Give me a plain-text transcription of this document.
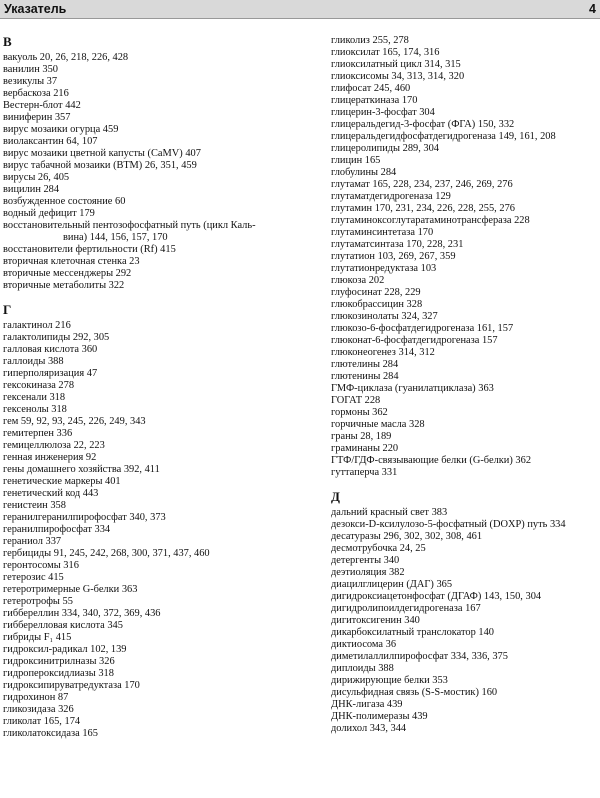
Указатель	4
В
вакуоль 20, 26, 218, 226, 428
ванилин 350
везикулы 37
вербаскоза 216
Вестерн-блот 442
виниферин 357
вирус мозаики огурца 459
виолаксантин 64, 107
вирус мозаики цветной капусты (CaMV) 407
вирус табачной мозаики (ВТМ) 26, 351, 459
вирусы 26, 405
вицилин 284
возбужденное состояние 60
водный дефицит 179
восстановительный пентозофосфатный путь (цикл Каль-
вина) 144, 156, 157, 170
восстановители фертильности (Rf) 415
вторичная клеточная стенка 23
вторичные мессенджеры 292
вторичные метаболиты 322
Г
галактинол 216
галактолипиды 292, 305
галловая кислота 360
галлоиды 388
гиперполяризация 47
гексокиназа 278
гексенали 318
гексенолы 318
гем 59, 92, 93, 245, 226, 249, 343
гемитерпен 336
гемицеллюлоза 22, 223
генная инженерия 92
гены домашнего хозяйства 392, 411
генетические маркеры 401
генетический код 443
генистеин 358
геранилгеранилпирофосфат 340, 373
геранилпирофосфат 334
гераниол 337
гербициды 91, 245, 242, 268, 300, 371, 437, 460
геронтосомы 316
гетерозис 415
гетеротримерные G-белки 363
гетеротрофы 55
гиббереллин 334, 340, 372, 369, 436
гибберелловая кислота 345
гибриды F₁ 415
гидроксил-радикал 102, 139
гидроксинитрилназы 326
гидропероксидлиазы 318
гидроксипируватредуктаза 170
гидрохинон 87
гликозидаза 326
гликолат 165, 174
гликолатоксидаза 165
гликолиз 255, 278
глиоксилат 165, 174, 316
глиоксилатный цикл 314, 315
глиоксисомы 34, 313, 314, 320
глифосат 245, 460
глицераткиназа 170
глицерин-3-фосфат 304
глицеральдегид-3-фосфат (ФГА) 150, 332
глицеральдегидфосфатдегидрогеназа 149, 161, 208
глицеролипиды 289, 304
глицин 165
глобулины 284
глутамат 165, 228, 234, 237, 246, 269, 276
глутаматдегидрогеназа 129
глутамин 170, 231, 234, 226, 228, 255, 276
глутаминоксоглутаратаминотрансфераза 228
глутаминсинтетаза 170
глутаматсинтаза 170, 228, 231
глутатион 103, 269, 267, 359
глутатионредуктаза 103
глюкоза 202
глуфосинат 228, 229
глюкобрассицин 328
глюкозинолаты 324, 327
глюкозо-6-фосфатдегидрогеназа 161, 157
глюконат-6-фосфатдегидрогеназа 157
глюконеогенез 314, 312
глютелины 284
глютенины 284
ГМФ-циклаза (гуанилатциклаза) 363
ГОГАТ 228
гормоны 362
горчичные масла 328
граны 28, 189
граминаны 220
ГТФ/ГДФ-связывающие белки (G-белки) 362
гуттаперча 331
Д
дальний красный свет 383
дезокси-D-ксилулозо-5-фосфатный (DOXP) путь 334
десатуразы 296, 302, 302, 308, 461
десмотрубочка 24, 25
детергенты 340
деэтиоляция 382
диацилглицерин (ДАГ) 365
дигидроксиацетонфосфат (ДГАФ) 143, 150, 304
дигидролипоилдегидрогеназа 167
дигитоксигенин 340
дикарбоксилатный транслокатор 140
диктиосома 36
диметилаллилпирофосфат 334, 336, 375
диплоиды 388
дирижирующие белки 353
дисульфидная связь (S-S-мостик) 160
ДНК-лигаза 439
ДНК-полимеразы 439
долихол 343, 344
